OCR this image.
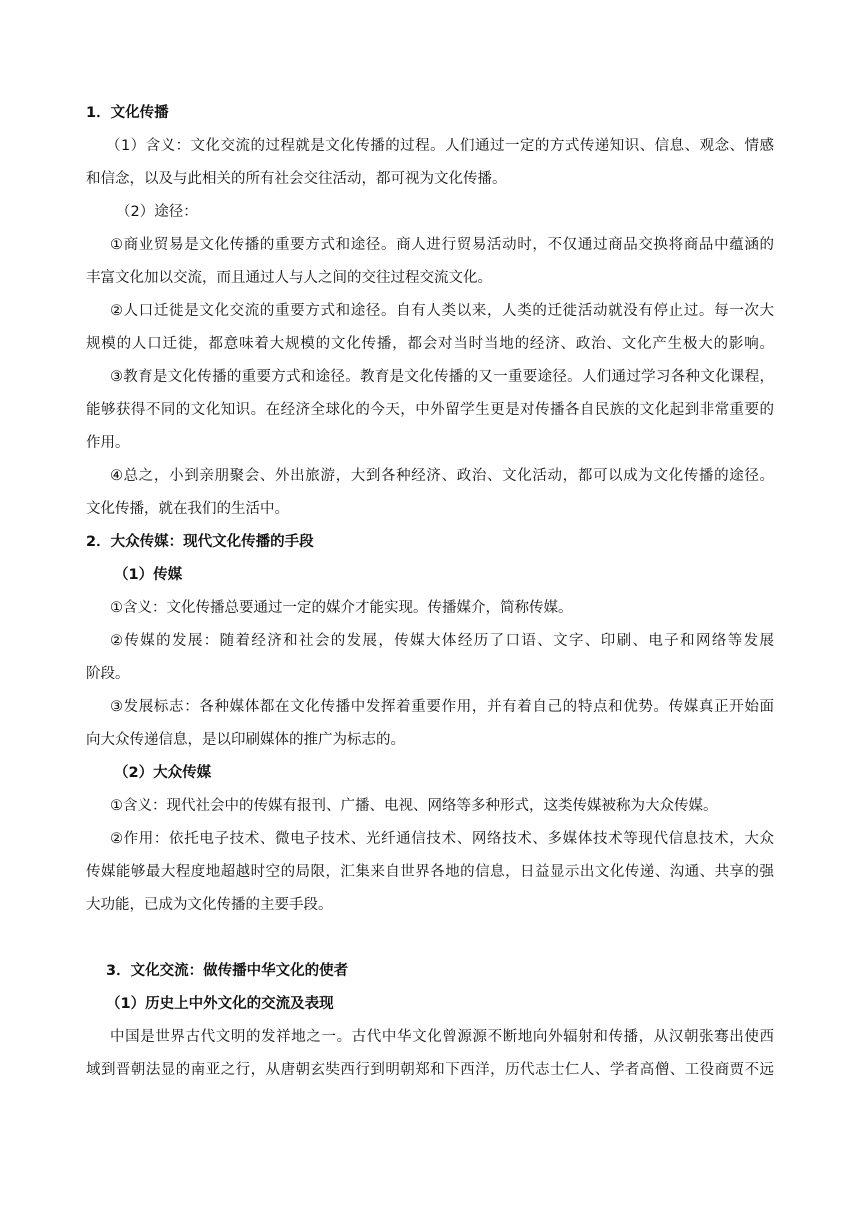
1．文化传播
（1）含义：文化交流的过程就是文化传播的过程。人们通过一定的方式传递知识、信息、观念、情感
和信念，以及与此相关的所有社会交往活动，都可视为文化传播。
（2）途径：
①商业贸易是文化传播的重要方式和途径。商人进行贸易活动时，不仅通过商品交换将商品中蕴涵的
丰富文化加以交流，而且通过人与人之间的交往过程交流文化。
②人口迁徙是文化交流的重要方式和途径。自有人类以来，人类的迁徙活动就没有停止过。每一次大
规模的人口迁徙，都意味着大规模的文化传播，都会对当时当地的经济、政治、文化产生极大的影响。
③教育是文化传播的重要方式和途径。教育是文化传播的又一重要途径。人们通过学习各种文化课程，
能够获得不同的文化知识。在经济全球化的今天，中外留学生更是对传播各自民族的文化起到非常重要的
作用。
④总之，小到亲朋聚会、外出旅游，大到各种经济、政治、文化活动，都可以成为文化传播的途径。
文化传播，就在我们的生活中。
2．大众传媒：现代文化传播的手段
（1）传媒
①含义：文化传播总要通过一定的媒介才能实现。传播媒介，简称传媒。
②传媒的发展：随着经济和社会的发展，传媒大体经历了口语、文字、印刷、电子和网络等发展
阶段。
③发展标志：各种媒体都在文化传播中发挥着重要作用，并有着自己的特点和优势。传媒真正开始面
向大众传递信息，是以印刷媒体的推广为标志的。
（2）大众传媒
①含义：现代社会中的传媒有报刊、广播、电视、网络等多种形式，这类传媒被称为大众传媒。
②作用：依托电子技术、微电子技术、光纤通信技术、网络技术、多媒体技术等现代信息技术，大众
传媒能够最大程度地超越时空的局限，汇集来自世界各地的信息，日益显示出文化传递、沟通、共享的强
大功能，已成为文化传播的主要手段。
3．文化交流：做传播中华文化的使者
（1）历史上中外文化的交流及表现
中国是世界古代文明的发祥地之一。古代中华文化曾源源不断地向外辐射和传播，从汉朝张骞出使西
域到晋朝法显的南亚之行，从唐朝玄奘西行到明朝郑和下西洋，历代志士仁人、学者高僧、工役商贾不远
